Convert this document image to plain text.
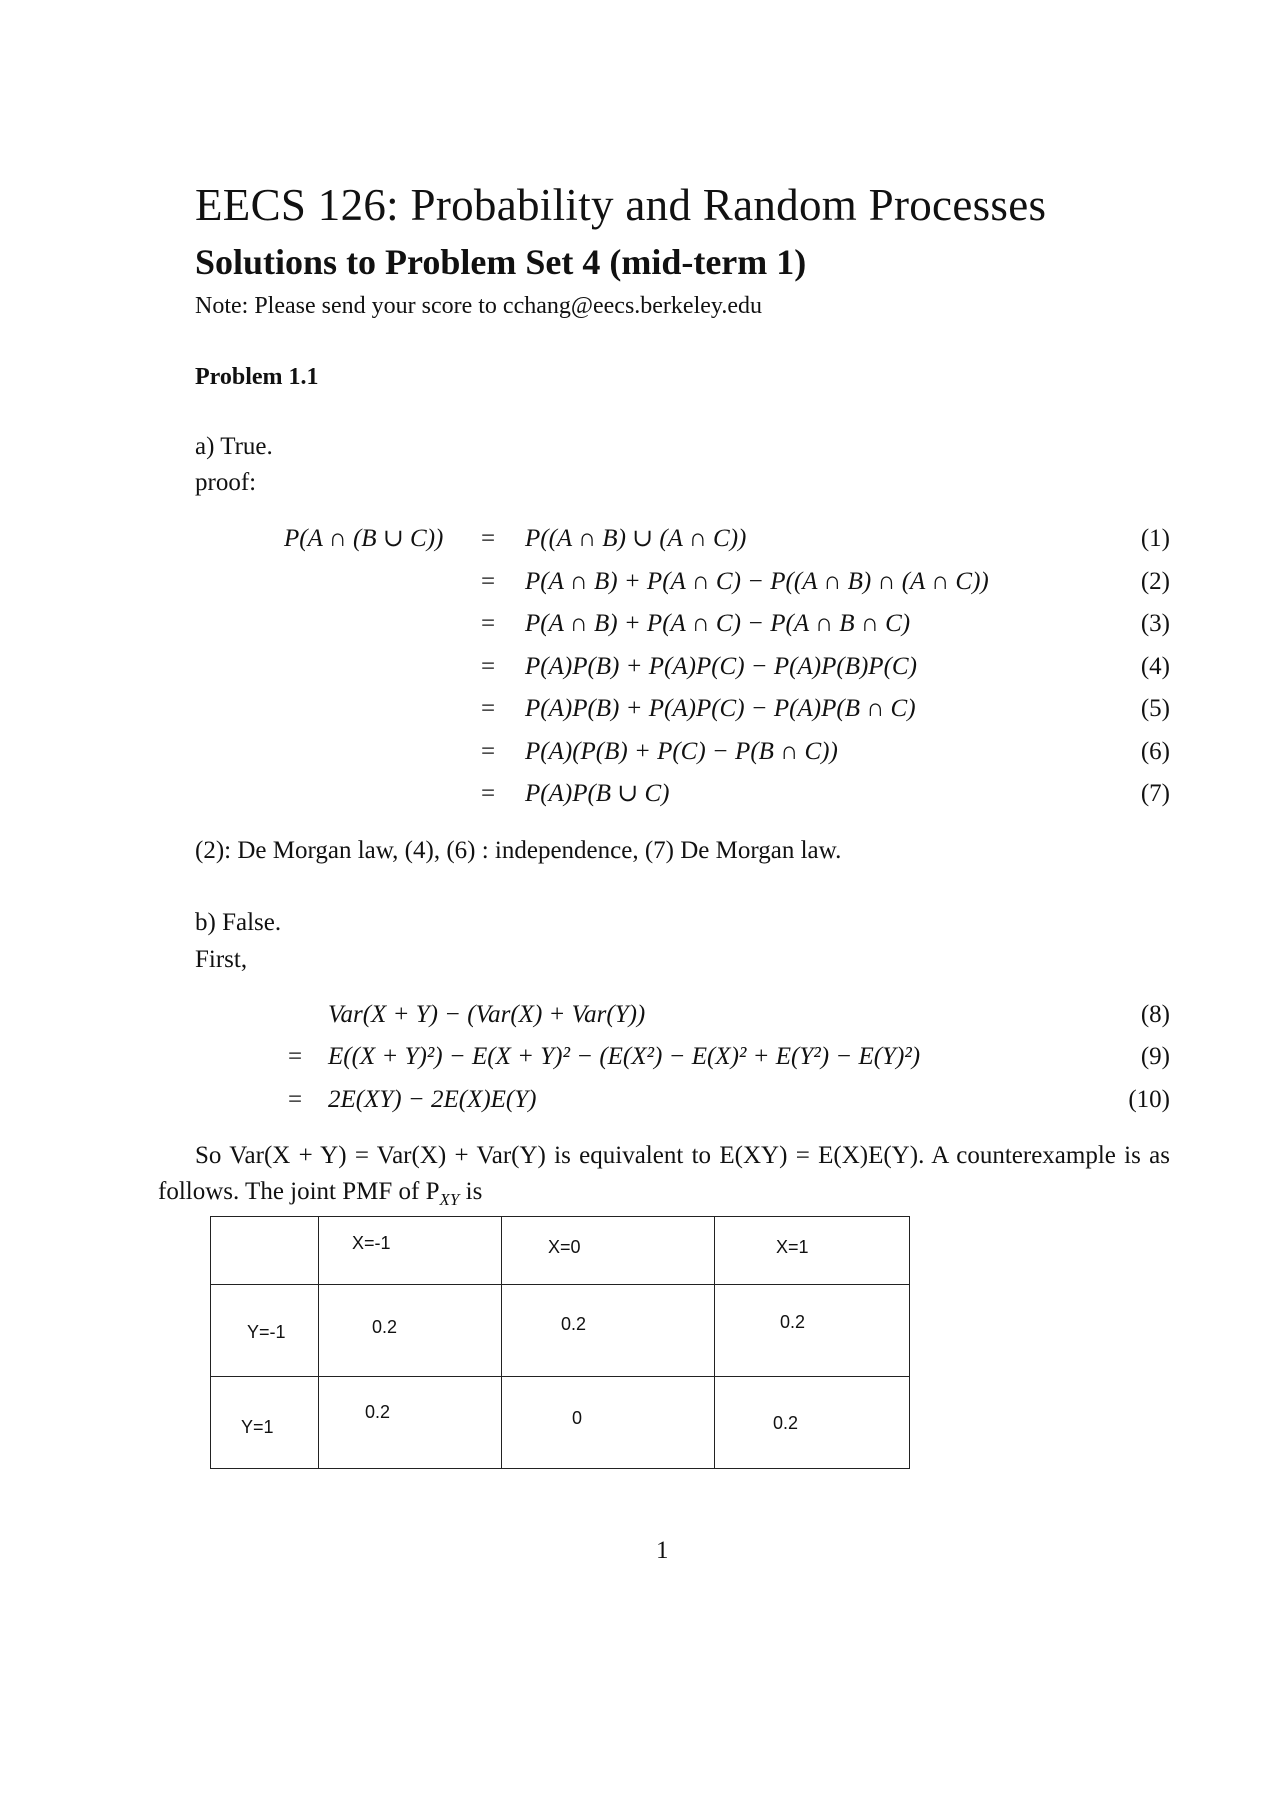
EECS 126: Probability and Random Processes
Solutions to Problem Set 4 (mid-term 1)
Note: Please send your score to cchang@eecs.berkeley.edu
Problem 1.1
a) True.
proof:
P(A ∩ (B ∪ C)) = P((A ∩ B) ∪ (A ∩ C))	(1)
= P(A ∩ B) + P(A ∩ C) − P((A ∩ B) ∩ (A ∩ C))	(2)
= P(A ∩ B) + P(A ∩ C) − P(A ∩ B ∩ C)	(3)
= P(A)P(B) + P(A)P(C) − P(A)P(B)P(C)	(4)
= P(A)P(B) + P(A)P(C) − P(A)P(B ∩ C)	(5)
= P(A)(P(B) + P(C) − P(B ∩ C))	(6)
= P(A)P(B ∪ C)	(7)
(2): De Morgan law, (4), (6) : independence, (7) De Morgan law.
b) False.
First,
Var(X + Y) − (Var(X) + Var(Y))	(8)
= E((X + Y)²) − E(X + Y)² − (E(X²) − E(X)² + E(Y²) − E(Y)²)	(9)
= 2E(XY) − 2E(X)E(Y)	(10)
So Var(X + Y) = Var(X) + Var(Y) is equivalent to E(XY) = E(X)E(Y). A counterexample is as follows. The joint PMF of $P_{XY}$ is

	X=-1	X=0	X=1

Y=-1	0.2	0.2	0.2

Y=1	0.2	0	0.2
1
